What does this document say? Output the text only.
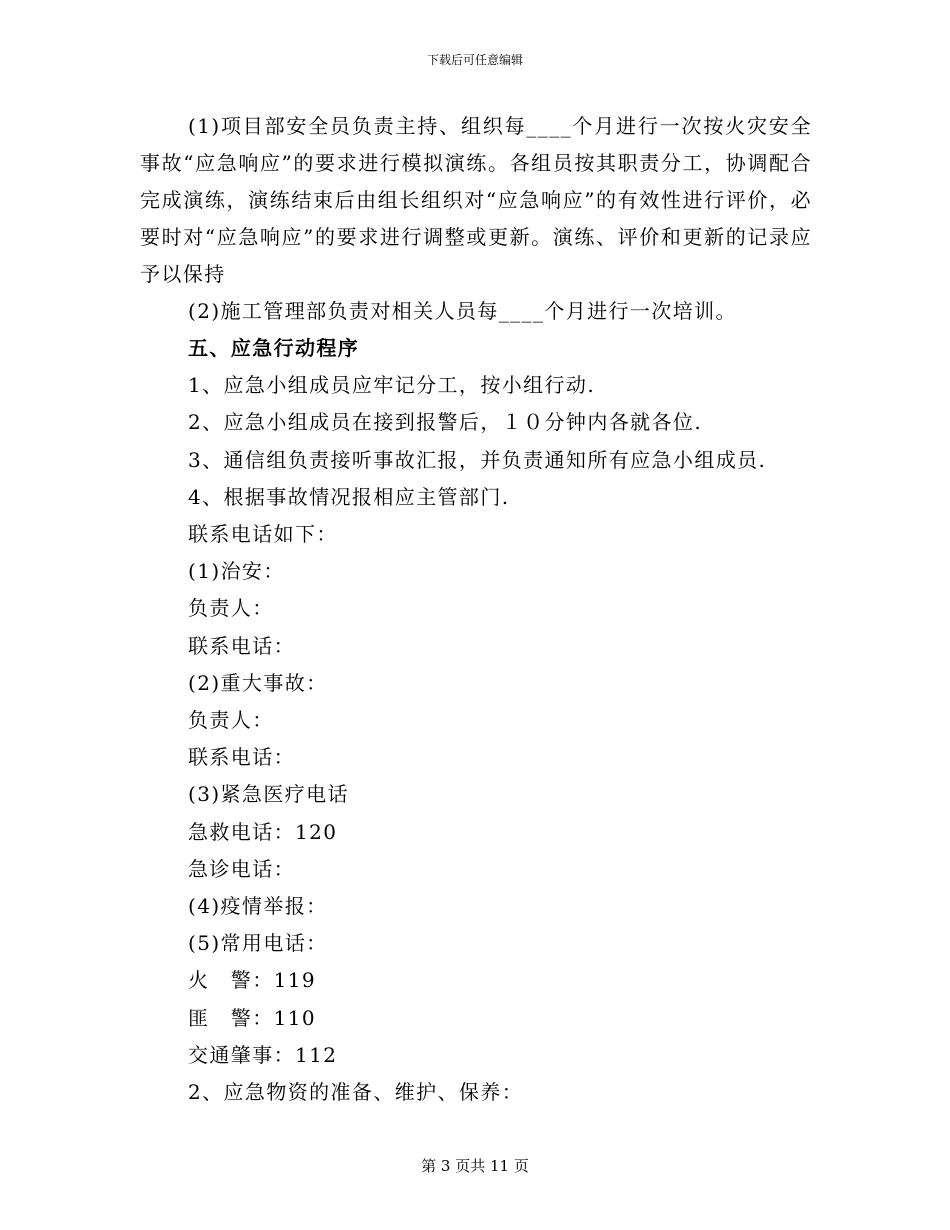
下载后可任意编辑

(1)项目部安全员负责主持、组织每____个月进行一次按火灾安全事故“应急响应”的要求进行模拟演练。各组员按其职责分工，协调配合完成演练，演练结束后由组长组织对“应急响应”的有效性进行评价，必要时对“应急响应”的要求进行调整或更新。演练、评价和更新的记录应予以保持

(2)施工管理部负责对相关人员每____个月进行一次培训。

五、应急行动程序

1、应急小组成员应牢记分工，按小组行动.

2、应急小组成员在接到报警后，１０分钟内各就各位.

3、通信组负责接听事故汇报，并负责通知所有应急小组成员.

4、根据事故情况报相应主管部门.

联系电话如下：

(1)治安：

负责人：

联系电话：

(2)重大事故：

负责人：

联系电话：

(3)紧急医疗电话

急救电话：120

急诊电话：

(4)疫情举报：

(5)常用电话：

火　警：119

匪　警：110

交通肇事：112

2、应急物资的准备、维护、保养：

第 3 页共 11 页
